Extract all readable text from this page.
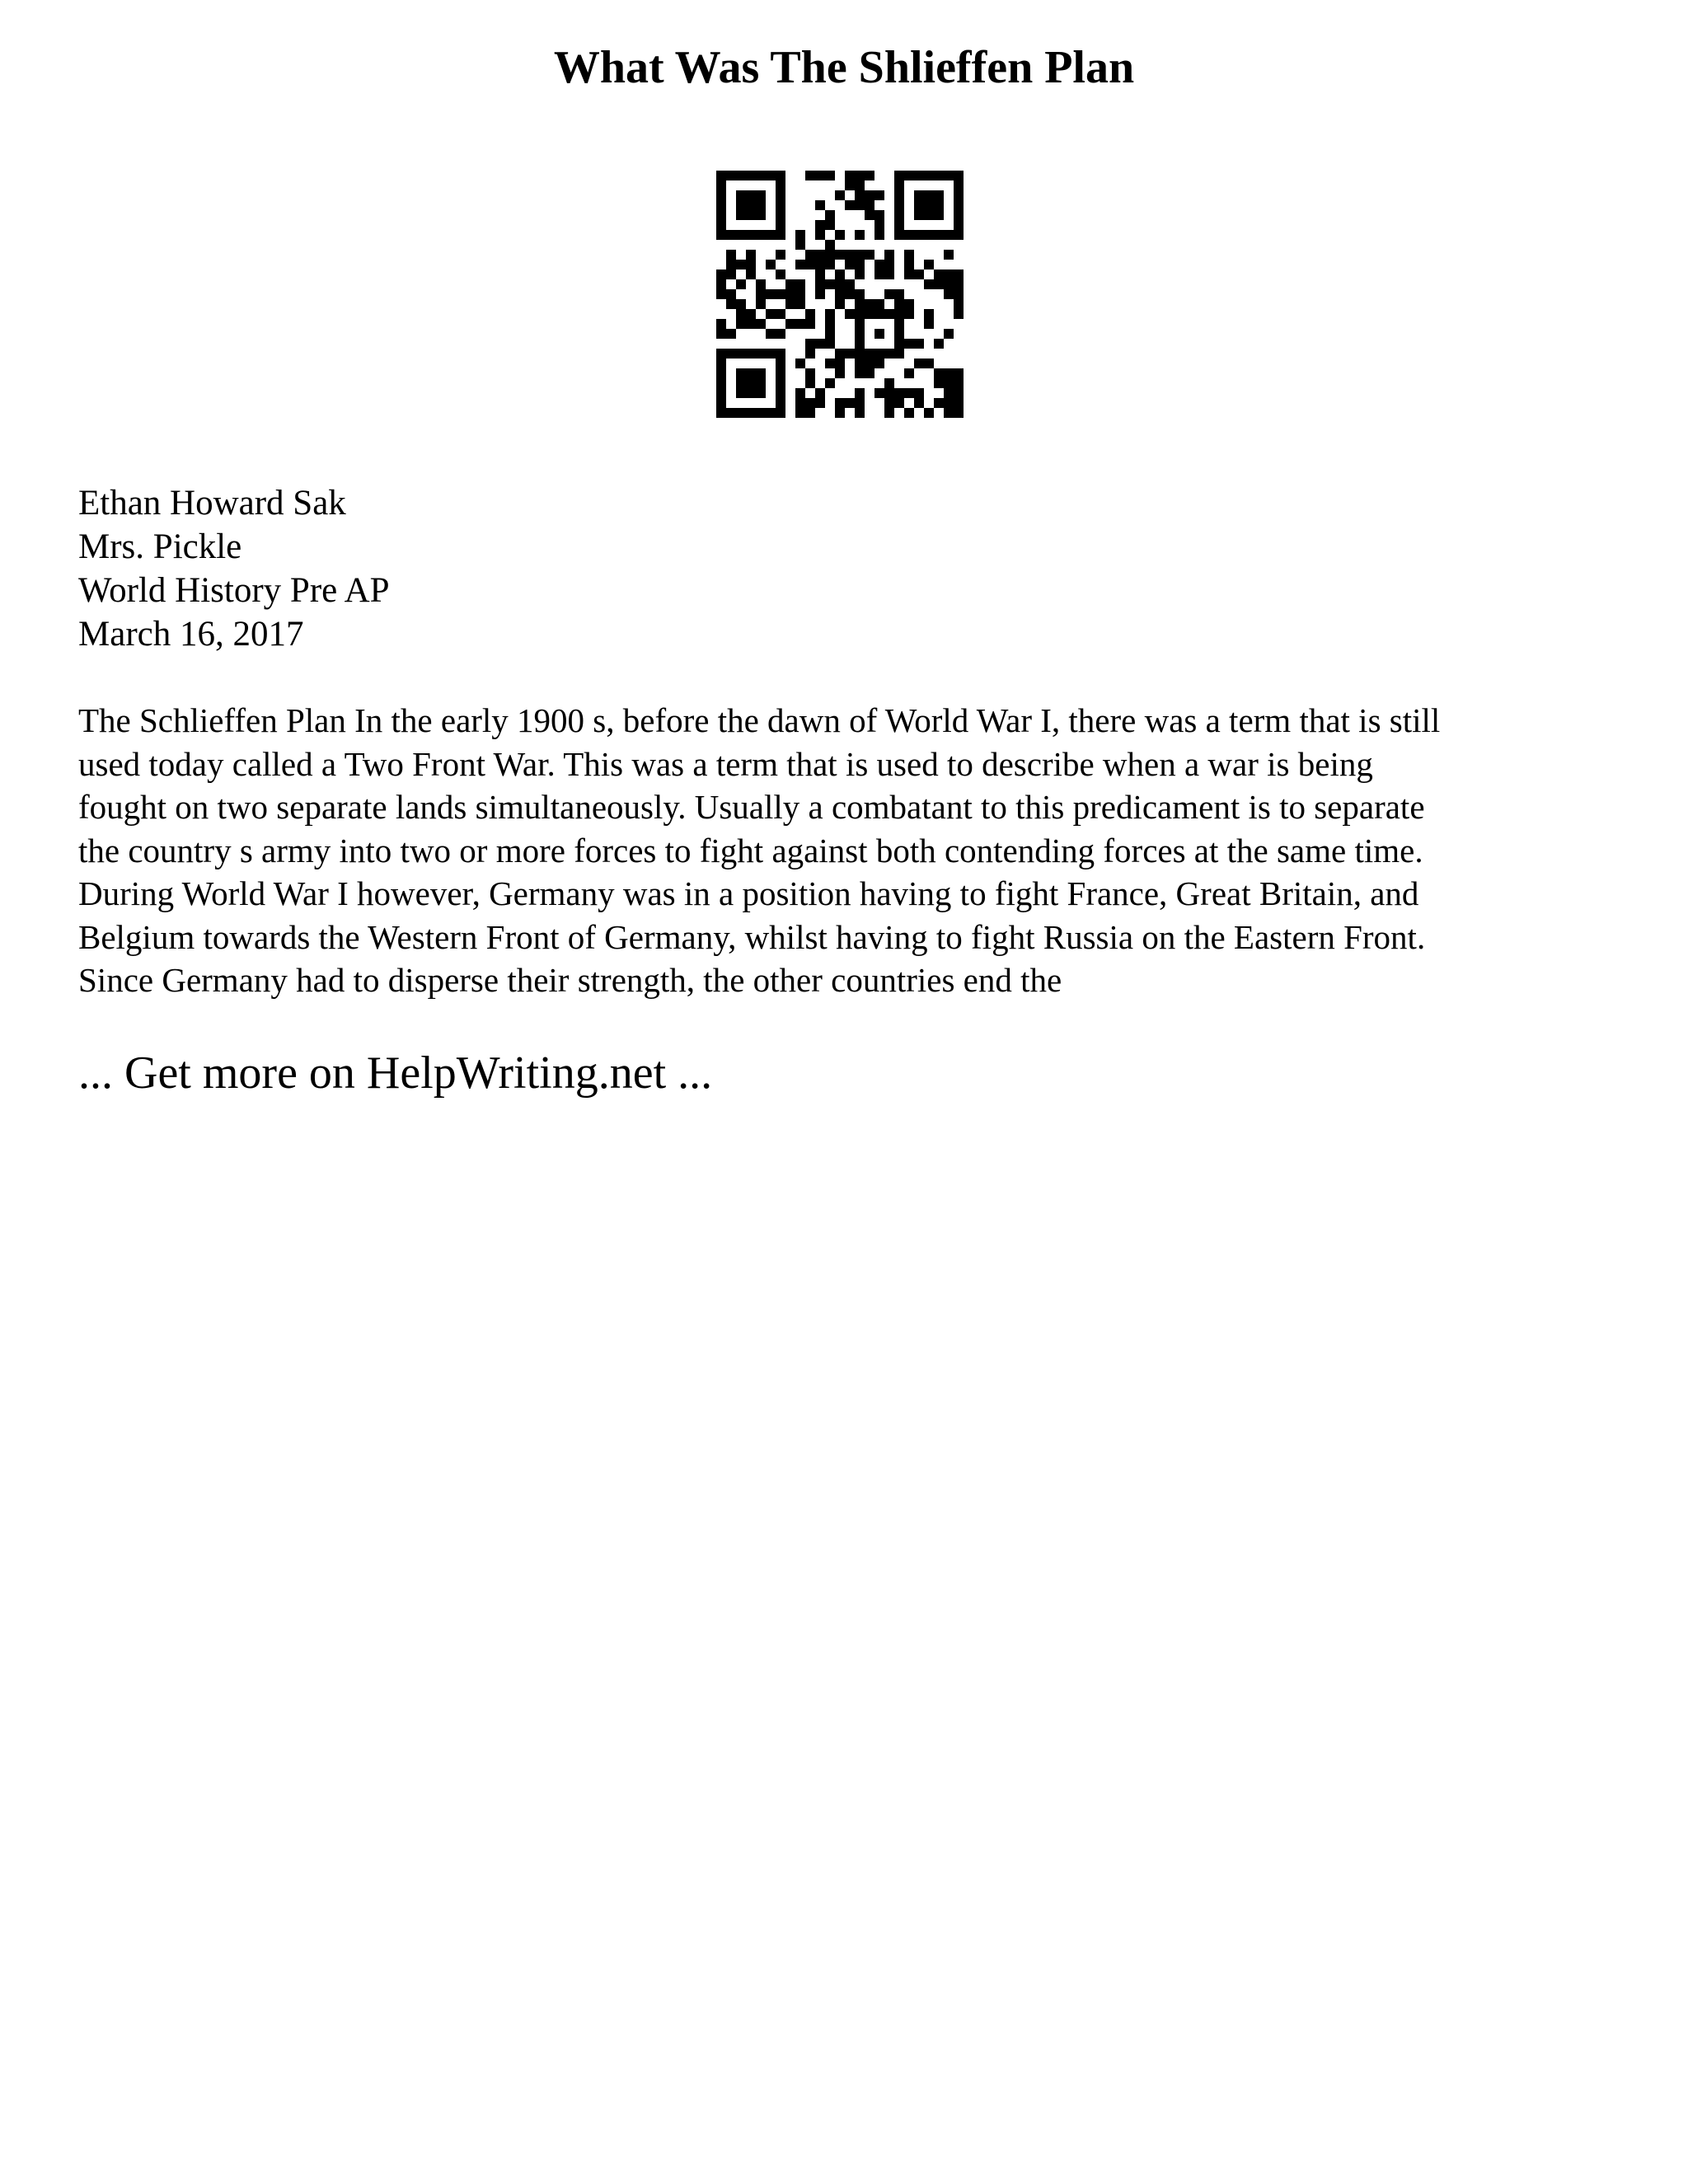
What Was The Shlieffen Plan
Ethan Howard Sak
Mrs. Pickle
World History Pre AP
March 16, 2017
The Schlieffen Plan In the early 1900 s, before the dawn of World War I, there was a term that is still
used today called a Two Front War. This was a term that is used to describe when a war is being
fought on two separate lands simultaneously. Usually a combatant to this predicament is to separate
the country s army into two or more forces to fight against both contending forces at the same time.
During World War I however, Germany was in a position having to fight France, Great Britain, and
Belgium towards the Western Front of Germany, whilst having to fight Russia on the Eastern Front.
Since Germany had to disperse their strength, the other countries end the
... Get more on HelpWriting.net ...
